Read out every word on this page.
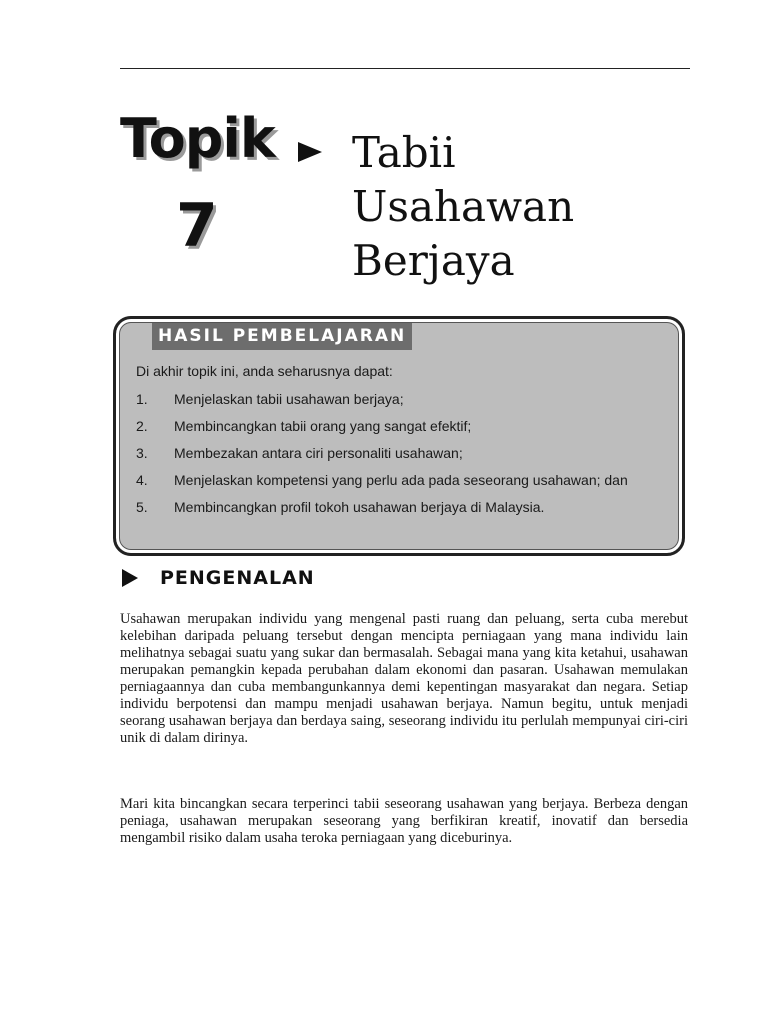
Topik
7
Tabii
Usahawan
Berjaya
HASIL PEMBELAJARAN
Di akhir topik ini, anda seharusnya dapat:
1.	Menjelaskan tabii usahawan berjaya;
2.	Membincangkan tabii orang yang sangat efektif;
3.	Membezakan antara ciri personaliti usahawan;
4.	Menjelaskan kompetensi yang perlu ada pada seseorang usahawan; dan
5.	Membincangkan profil tokoh usahawan berjaya di Malaysia.
PENGENALAN

Usahawan merupakan individu yang mengenal pasti ruang dan peluang, serta cuba merebut kelebihan daripada peluang tersebut dengan mencipta perniagaan yang mana individu lain melihatnya sebagai suatu yang sukar dan bermasalah. Sebagai mana yang kita ketahui, usahawan merupakan pemangkin kepada perubahan dalam ekonomi dan pasaran. Usahawan memulakan perniagaannya dan cuba membangunkannya demi kepentingan masyarakat dan negara. Setiap individu berpotensi dan mampu menjadi usahawan berjaya. Namun begitu, untuk menjadi seorang usahawan berjaya dan berdaya saing, seseorang individu itu perlulah mempunyai ciri-ciri unik di dalam dirinya.

Mari kita bincangkan secara terperinci tabii seseorang usahawan yang berjaya. Berbeza dengan peniaga, usahawan merupakan seseorang yang berfikiran kreatif, inovatif dan bersedia mengambil risiko dalam usaha teroka perniagaan yang diceburinya.
